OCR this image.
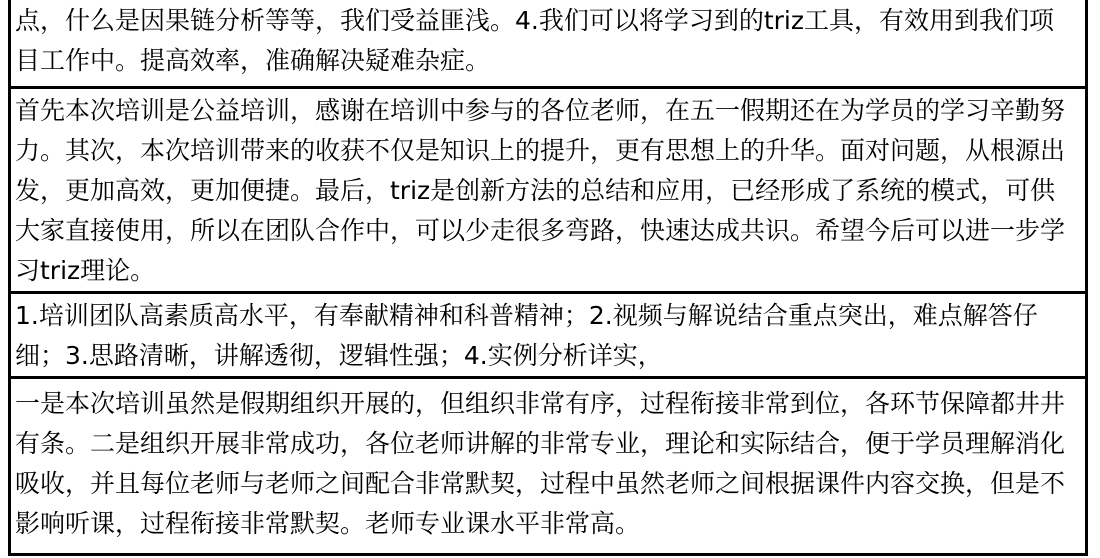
点，什么是因果链分析等等，我们受益匪浅。4.我们可以将学习到的triz工具，有效用到我们项
目工作中。提高效率，准确解决疑难杂症。
首先本次培训是公益培训，感谢在培训中参与的各位老师，在五一假期还在为学员的学习辛勤努
力。其次，本次培训带来的收获不仅是知识上的提升，更有思想上的升华。面对问题，从根源出
发，更加高效，更加便捷。最后，triz是创新方法的总结和应用，已经形成了系统的模式，可供
大家直接使用，所以在团队合作中，可以少走很多弯路，快速达成共识。希望今后可以进一步学
习triz理论。
1.培训团队高素质高水平，有奉献精神和科普精神；2.视频与解说结合重点突出，难点解答仔
细；3.思路清晰，讲解透彻，逻辑性强；4.实例分析详实，
一是本次培训虽然是假期组织开展的，但组织非常有序，过程衔接非常到位，各环节保障都井井
有条。二是组织开展非常成功，各位老师讲解的非常专业，理论和实际结合，便于学员理解消化
吸收，并且每位老师与老师之间配合非常默契，过程中虽然老师之间根据课件内容交换，但是不
影响听课，过程衔接非常默契。老师专业课水平非常高。
